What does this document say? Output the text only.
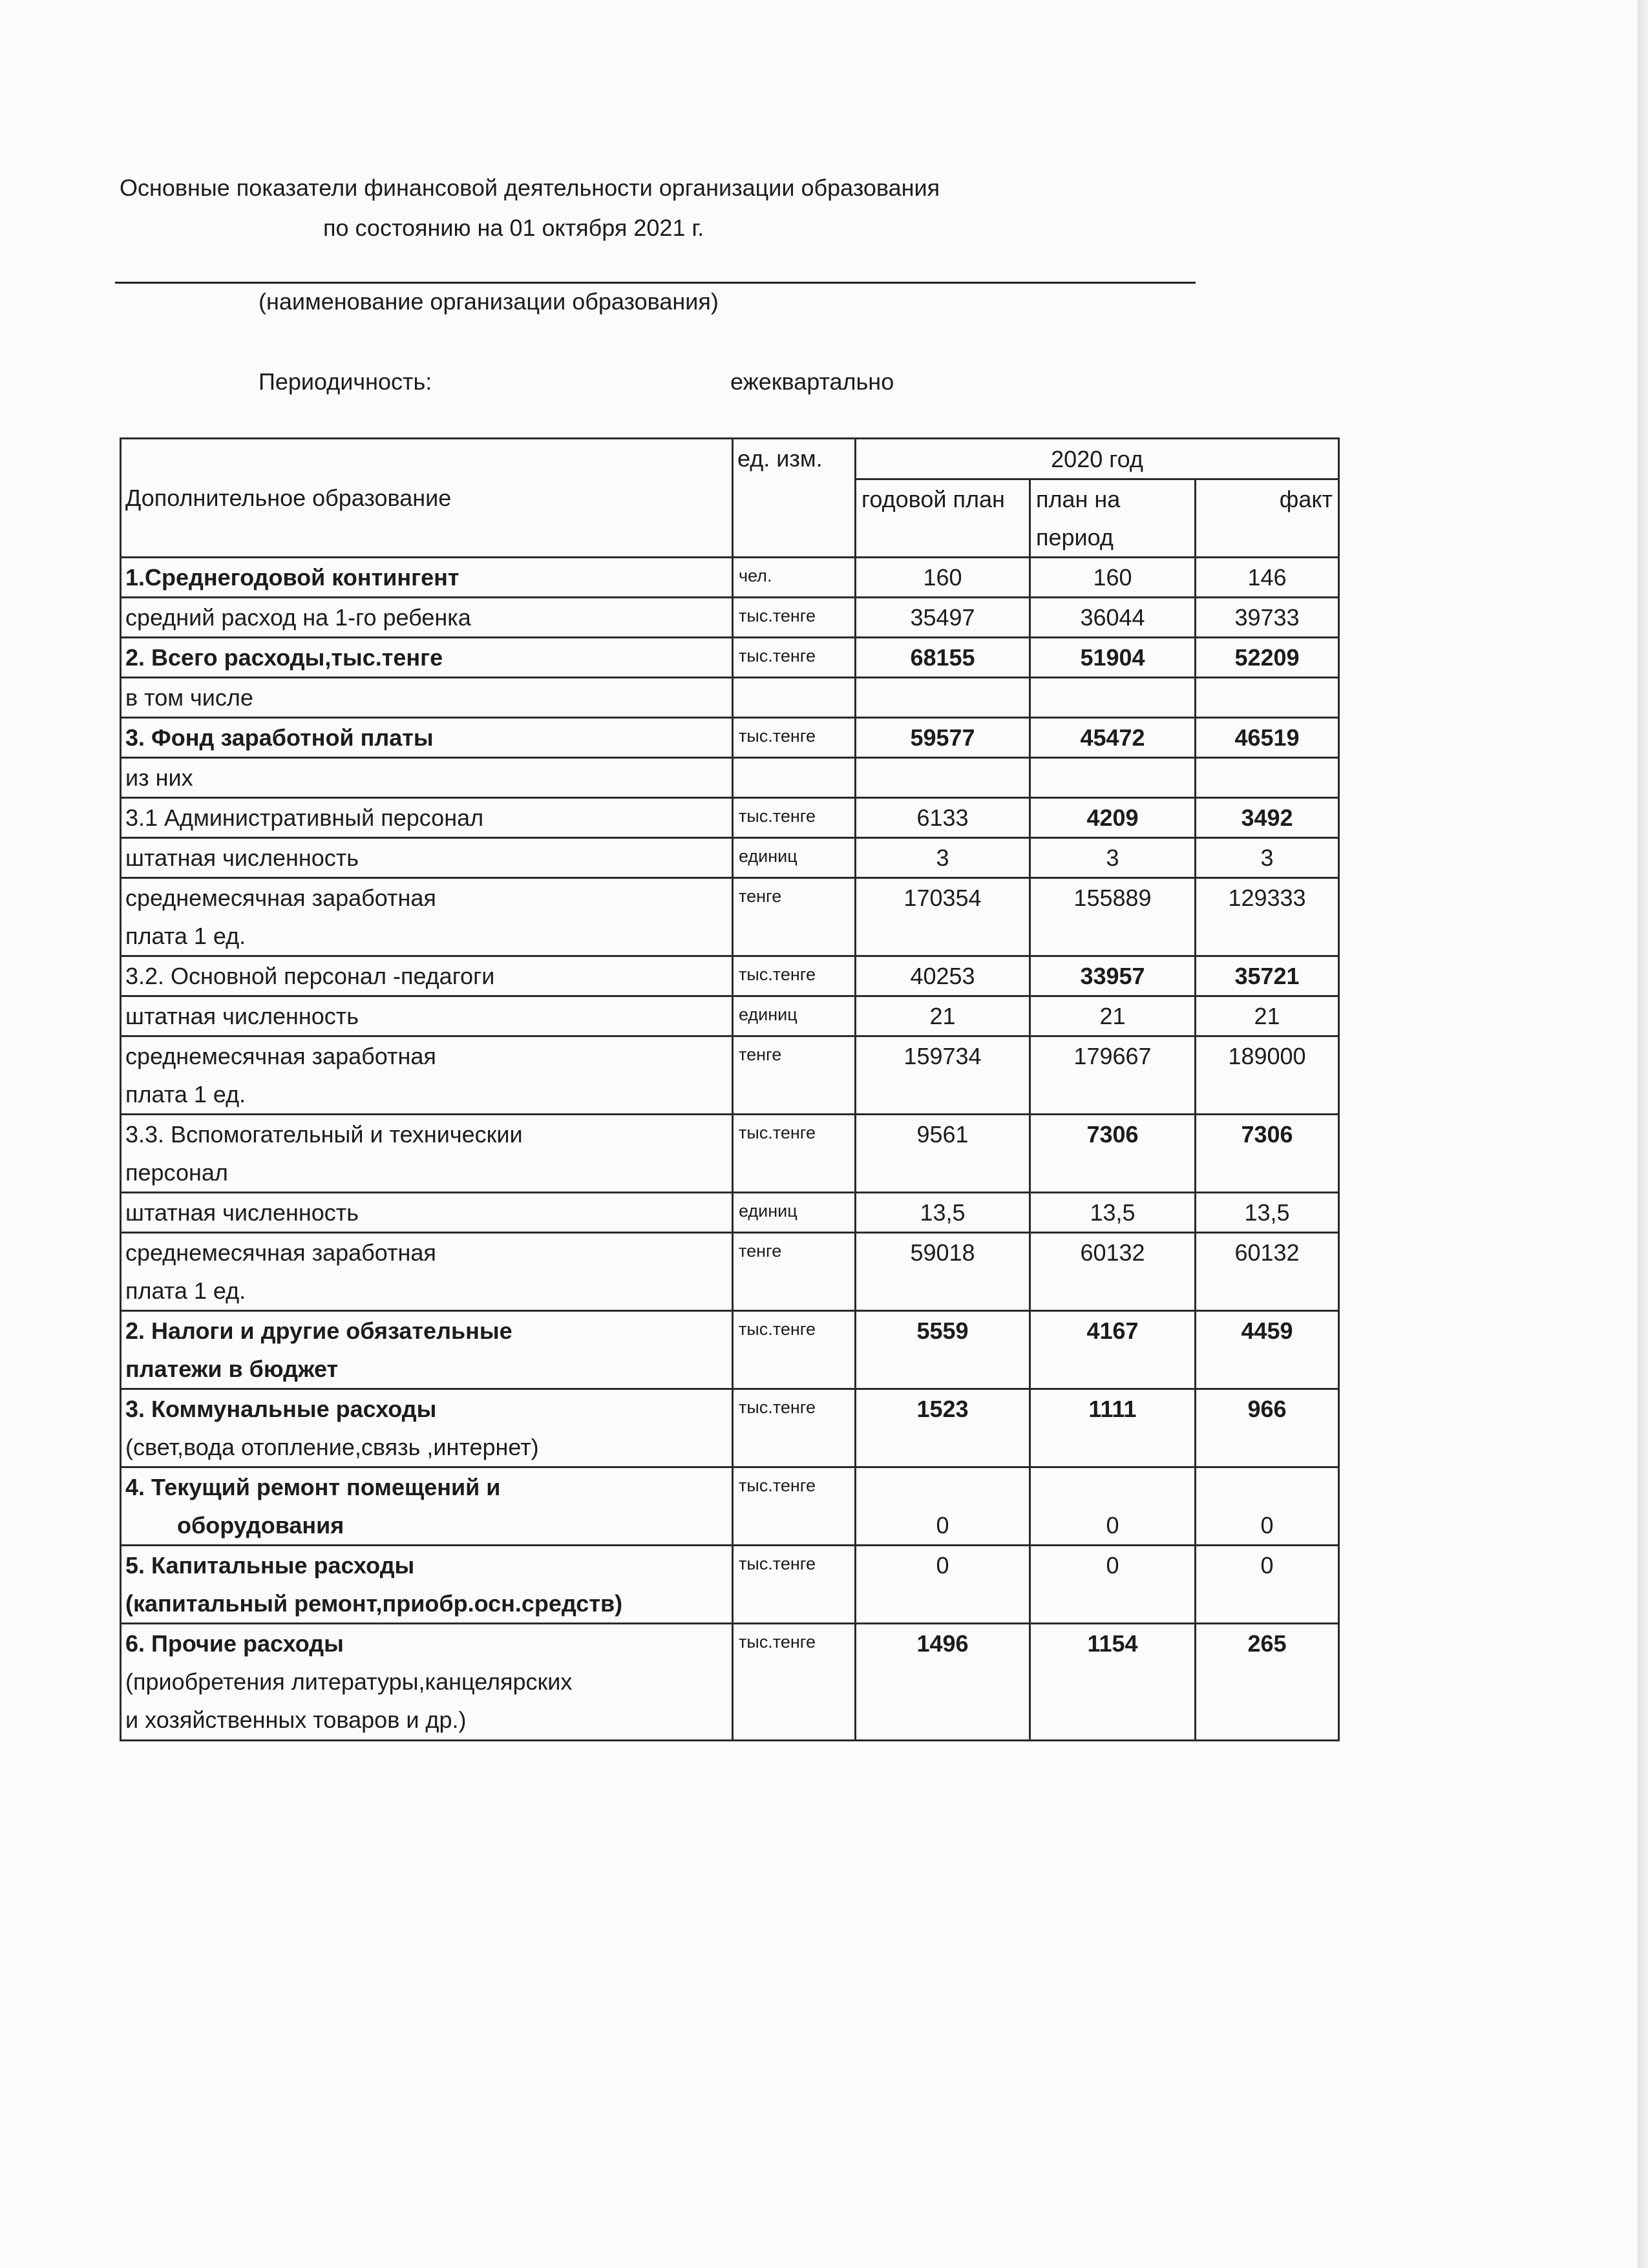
Основные показатели финансовой деятельности организации образования
по состоянию на 01 октября 2021 г.
(наименование организации образования)
Периодичность:	ежеквартально
Дополнительное образование	ед. изм.	2020 год		
		годовой план	план на период	факт

1.Среднегодовой контингент	чел.	160	160	146

средний расход на 1-го ребенка	тыс.тенге	35497	36044	39733

2. Всего расходы,тыс.тенге	тыс.тенге	68155	51904	52209

в том числе				

3. Фонд заработной платы	тыс.тенге	59577	45472	46519

из них				

3.1 Административный персонал	тыс.тенге	6133	4209	3492

штатная численность	единиц	3	3	3

среднемесячная заработная
плата 1 ед.	тенге	170354	155889	129333

3.2. Основной персонал -педагоги	тыс.тенге	40253	33957	35721

штатная численность	единиц	21	21	21

среднемесячная заработная
плата 1 ед.	тенге	159734	179667	189000

3.3. Вспомогательный и техническии
персонал	тыс.тенге	9561	7306	7306

штатная численность	единиц	13,5	13,5	13,5

среднемесячная заработная
плата 1 ед.	тенге	59018	60132	60132

2. Налоги и другие обязательные
платежи в бюджет	тыс.тенге	5559	4167	4459

3. Коммунальные расходы
(свет,вода отопление,связь ,интернет)	тыс.тенге	1523	1111	966

4. Текущий ремонт помещений и
оборудования	тыс.тенге	0	0	0

5. Капитальные расходы
(капитальный ремонт,приобр.осн.средств)	тыс.тенге	0	0	0

6. Прочие расходы
(приобретения литературы,канцелярских
и хозяйственных товаров и др.)	тыс.тенге	1496	1154	265
